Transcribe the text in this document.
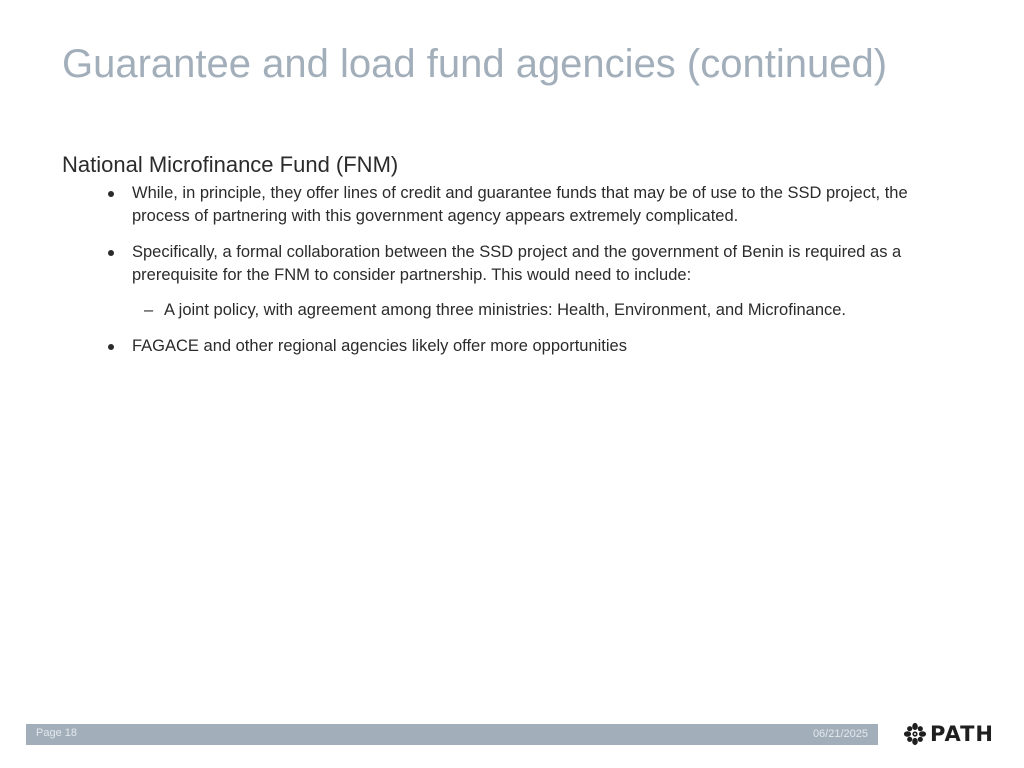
Guarantee and load fund agencies (continued)
National Microfinance Fund (FNM)
While, in principle, they offer lines of credit and guarantee funds that may be of use to the SSD project, the process of partnering with this government agency appears extremely complicated.
Specifically, a formal collaboration between the SSD project and the government of Benin is required as a prerequisite for the FNM to consider partnership. This would need to include:
– A joint policy, with agreement among three ministries: Health, Environment, and Microfinance.
FAGACE and other regional agencies likely offer more opportunities
Page 18	06/21/2025	PATH
